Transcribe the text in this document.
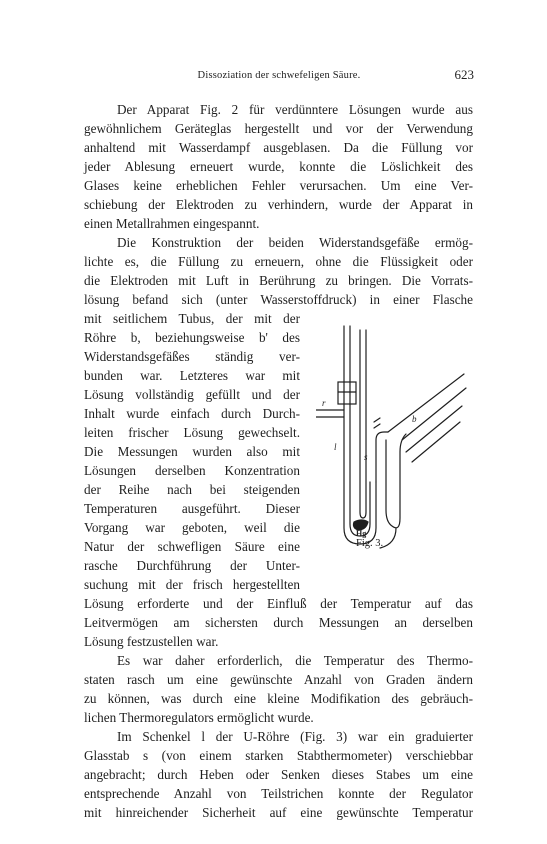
Dissoziation der schwefeligen Säure.	623
Der Apparat Fig. 2 für verdünntere Lösungen wurde aus
gewöhnlichem Geräteglas hergestellt und vor der Verwendung
anhaltend mit Wasserdampf ausgeblasen. Da die Füllung vor
jeder Ablesung erneuert wurde, konnte die Löslichkeit des
Glases keine erheblichen Fehler verursachen. Um eine Ver-
schiebung der Elektroden zu verhindern, wurde der Apparat in
einen Metallrahmen eingespannt.
Die Konstruktion der beiden Widerstandsgefäße ermög-
lichte es, die Füllung zu erneuern, ohne die Flüssigkeit oder
die Elektroden mit Luft in Berührung zu bringen. Die Vorrats-
lösung befand sich (unter Wasserstoffdruck) in einer Flasche
mit seitlichem Tubus, der mit der
Röhre b, beziehungsweise b' des
Widerstandsgefäßes ständig ver-
bunden war. Letzteres war mit
Lösung vollständig gefüllt und der
Inhalt wurde einfach durch Durch-
leiten frischer Lösung gewechselt.
Die Messungen wurden also mit
Lösungen derselben Konzentration
der Reihe nach bei steigenden
Temperaturen ausgeführt. Dieser
Vorgang war geboten, weil die
Natur der schwefligen Säure eine
rasche Durchführung der Unter-
suchung mit der frisch hergestellten
Lösung erforderte und der Einfluß der Temperatur auf das
Leitvermögen am sichersten durch Messungen an derselben
Lösung festzustellen war.
Es war daher erforderlich, die Temperatur des Thermo-
staten rasch um eine gewünschte Anzahl von Graden ändern
zu können, was durch eine kleine Modifikation des gebräuch-
lichen Thermoregulators ermöglicht wurde.
Im Schenkel l der U-Röhre (Fig. 3) war ein graduierter
Glasstab s (von einem starken Stabthermometer) verschiebbar
angebracht; durch Heben oder Senken dieses Stabes um eine
entsprechende Anzahl von Teilstrichen konnte der Regulator
mit hinreichender Sicherheit auf eine gewünschte Temperatur
r
l
s
b
Hg
Fig. 3.
